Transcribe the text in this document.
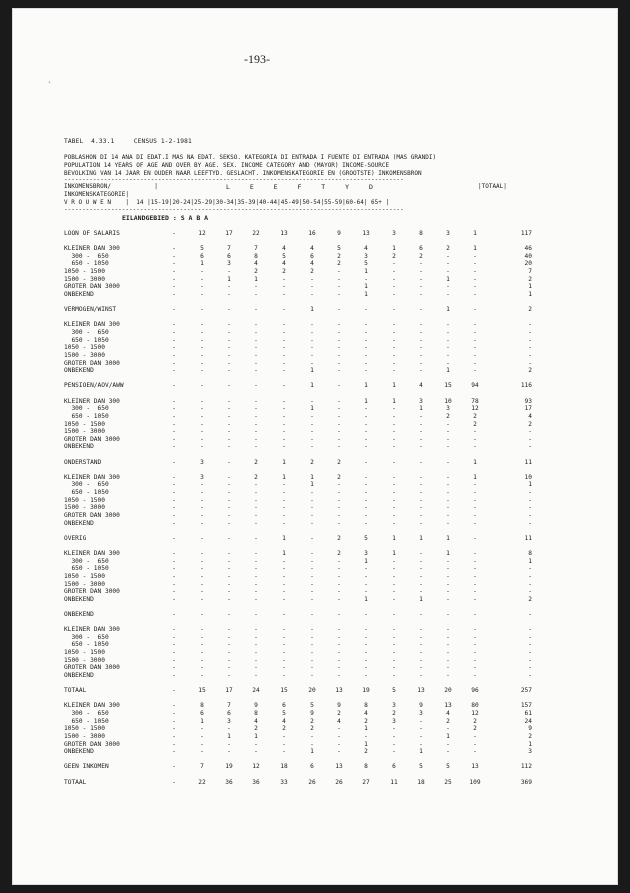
-193-
TABEL  4.33.1	CENSUS 1-2-1981
POBLASHON DI 14 ANA DI EDAT.I MAS NA EDAT. SEKSO. KATEGORIA DI ENTRADA I FUENTE DI ENTRADA (MAS GRANDI)
POPULATION 14 YEARS OF AGE AND OVER BY AGE. SEX. INCOME CATEGORY AND (MAYOR) INCOME-SOURCE
BEVOLKING VAN 14 JAAR EN OUDER NAAR LEEFTYD. GESLACHT. INKOMENSKATEGORIE EN (GROOTSTE) INKOMENSBRON
----------------------------------------------------------------------------------------------
INKOMENSBRON/            |	L E E F T Y D	|TOTAAL|
INKOMENSKATEGORIE|
V R O U W E N    |  14 |15-19|20-24|25-29|30-34|35-39|40-44|45-49|50-54|55-59|60-64| 65+ |
----------------------------------------------------------------------------------------------
EILANDGEBIED : S A B A
•
LOON OF SALARIS	-	12	17	22	13	16	9	13	3	8	3	1	117
KLEINER DAN 300	-	5	7	7	4	4	5	4	1	6	2	1	46
300 -  650	-	6	6	8	5	6	2	3	2	2	-	-	40
650 - 1050	-	1	3	4	4	4	2	5	-	-	-	-	20
1050 - 1500	-	-	-	2	2	2	-	1	-	-	-	-	7
1500 - 3000	-	-	1	1	-	-	-	-	-	-	1	-	2
GROTER DAN 3000	-	-	-	-	-	-	-	1	-	-	-	-	1
ONBEKEND	-	-	-	-	-	-	-	1	-	-	-	-	1
VERMOGEN/WINST	-	-	-	-	-	1	-	-	-	-	1	-	2
KLEINER DAN 300	-	-	-	-	-	-	-	-	-	-	-	-	-
300 -  650	-	-	-	-	-	-	-	-	-	-	-	-	-
650 - 1050	-	-	-	-	-	-	-	-	-	-	-	-	-
1050 - 1500	-	-	-	-	-	-	-	-	-	-	-	-	-
1500 - 3000	-	-	-	-	-	-	-	-	-	-	-	-	-
GROTER DAN 3000	-	-	-	-	-	-	-	-	-	-	-	-	-
ONBEKEND	-	-	-	-	-	1	-	-	-	-	1	-	2
PENSIOEN/AOV/AWW	-	-	-	-	-	1	-	1	1	4	15	94	116
KLEINER DAN 300	-	-	-	-	-	-	-	1	1	3	10	78	93
300 -  650	-	-	-	-	-	1	-	-	-	1	3	12	17
650 - 1050	-	-	-	-	-	-	-	-	-	-	2	2	4
1050 - 1500	-	-	-	-	-	-	-	-	-	-	-	2	2
1500 - 3000	-	-	-	-	-	-	-	-	-	-	-	-	-
GROTER DAN 3000	-	-	-	-	-	-	-	-	-	-	-	-	-
ONBEKEND	-	-	-	-	-	-	-	-	-	-	-	-	-
ONDERSTAND	-	3	-	2	1	2	2	-	-	-	-	1	11
KLEINER DAN 300	-	3	-	2	1	1	2	-	-	-	-	1	10
300 -  650	-	-	-	-	-	1	-	-	-	-	-	-	1
650 - 1050	-	-	-	-	-	-	-	-	-	-	-	-	-
1050 - 1500	-	-	-	-	-	-	-	-	-	-	-	-	-
1500 - 3000	-	-	-	-	-	-	-	-	-	-	-	-	-
GROTER DAN 3000	-	-	-	-	-	-	-	-	-	-	-	-	-
ONBEKEND	-	-	-	-	-	-	-	-	-	-	-	-	-
OVERIG	-	-	-	-	1	-	2	5	1	1	1	-	11
KLEINER DAN 300	-	-	-	-	1	-	2	3	1	-	1	-	8
300 -  650	-	-	-	-	-	-	-	1	-	-	-	-	1
650 - 1050	-	-	-	-	-	-	-	-	-	-	-	-	-
1050 - 1500	-	-	-	-	-	-	-	-	-	-	-	-	-
1500 - 3000	-	-	-	-	-	-	-	-	-	-	-	-	-
GROTER DAN 3000	-	-	-	-	-	-	-	-	-	-	-	-	-
ONBEKEND	-	-	-	-	-	-	-	1	-	1	-	-	2
ONBEKEND	-	-	-	-	-	-	-	-	-	-	-	-	-
KLEINER DAN 300	-	-	-	-	-	-	-	-	-	-	-	-	-
300 -  650	-	-	-	-	-	-	-	-	-	-	-	-	-
650 - 1050	-	-	-	-	-	-	-	-	-	-	-	-	-
1050 - 1500	-	-	-	-	-	-	-	-	-	-	-	-	-
1500 - 3000	-	-	-	-	-	-	-	-	-	-	-	-	-
GROTER DAN 3000	-	-	-	-	-	-	-	-	-	-	-	-	-
ONBEKEND	-	-	-	-	-	-	-	-	-	-	-	-	-
TOTAAL	-	15	17	24	15	20	13	19	5	13	20	96	257
KLEINER DAN 300	-	8	7	9	6	5	9	8	3	9	13	80	157
300 -  650	-	6	6	8	5	9	2	4	2	3	4	12	61
650 - 1050	-	1	3	4	4	2	4	2	3	-	2	2	24
1050 - 1500	-	-	-	2	2	2	-	1	-	-	-	2	9
1500 - 3000	-	-	1	1	-	-	-	-	-	-	1	-	2
GROTER DAN 3000	-	-	-	-	-	-	-	1	-	-	-	-	1
ONBEKEND	-	-	-	-	-	1	-	2	-	1	-	-	3
GEEN INKOMEN	-	7	19	12	18	6	13	8	6	5	5	13	112
TOTAAL	-	22	36	36	33	26	26	27	11	18	25	109	369
